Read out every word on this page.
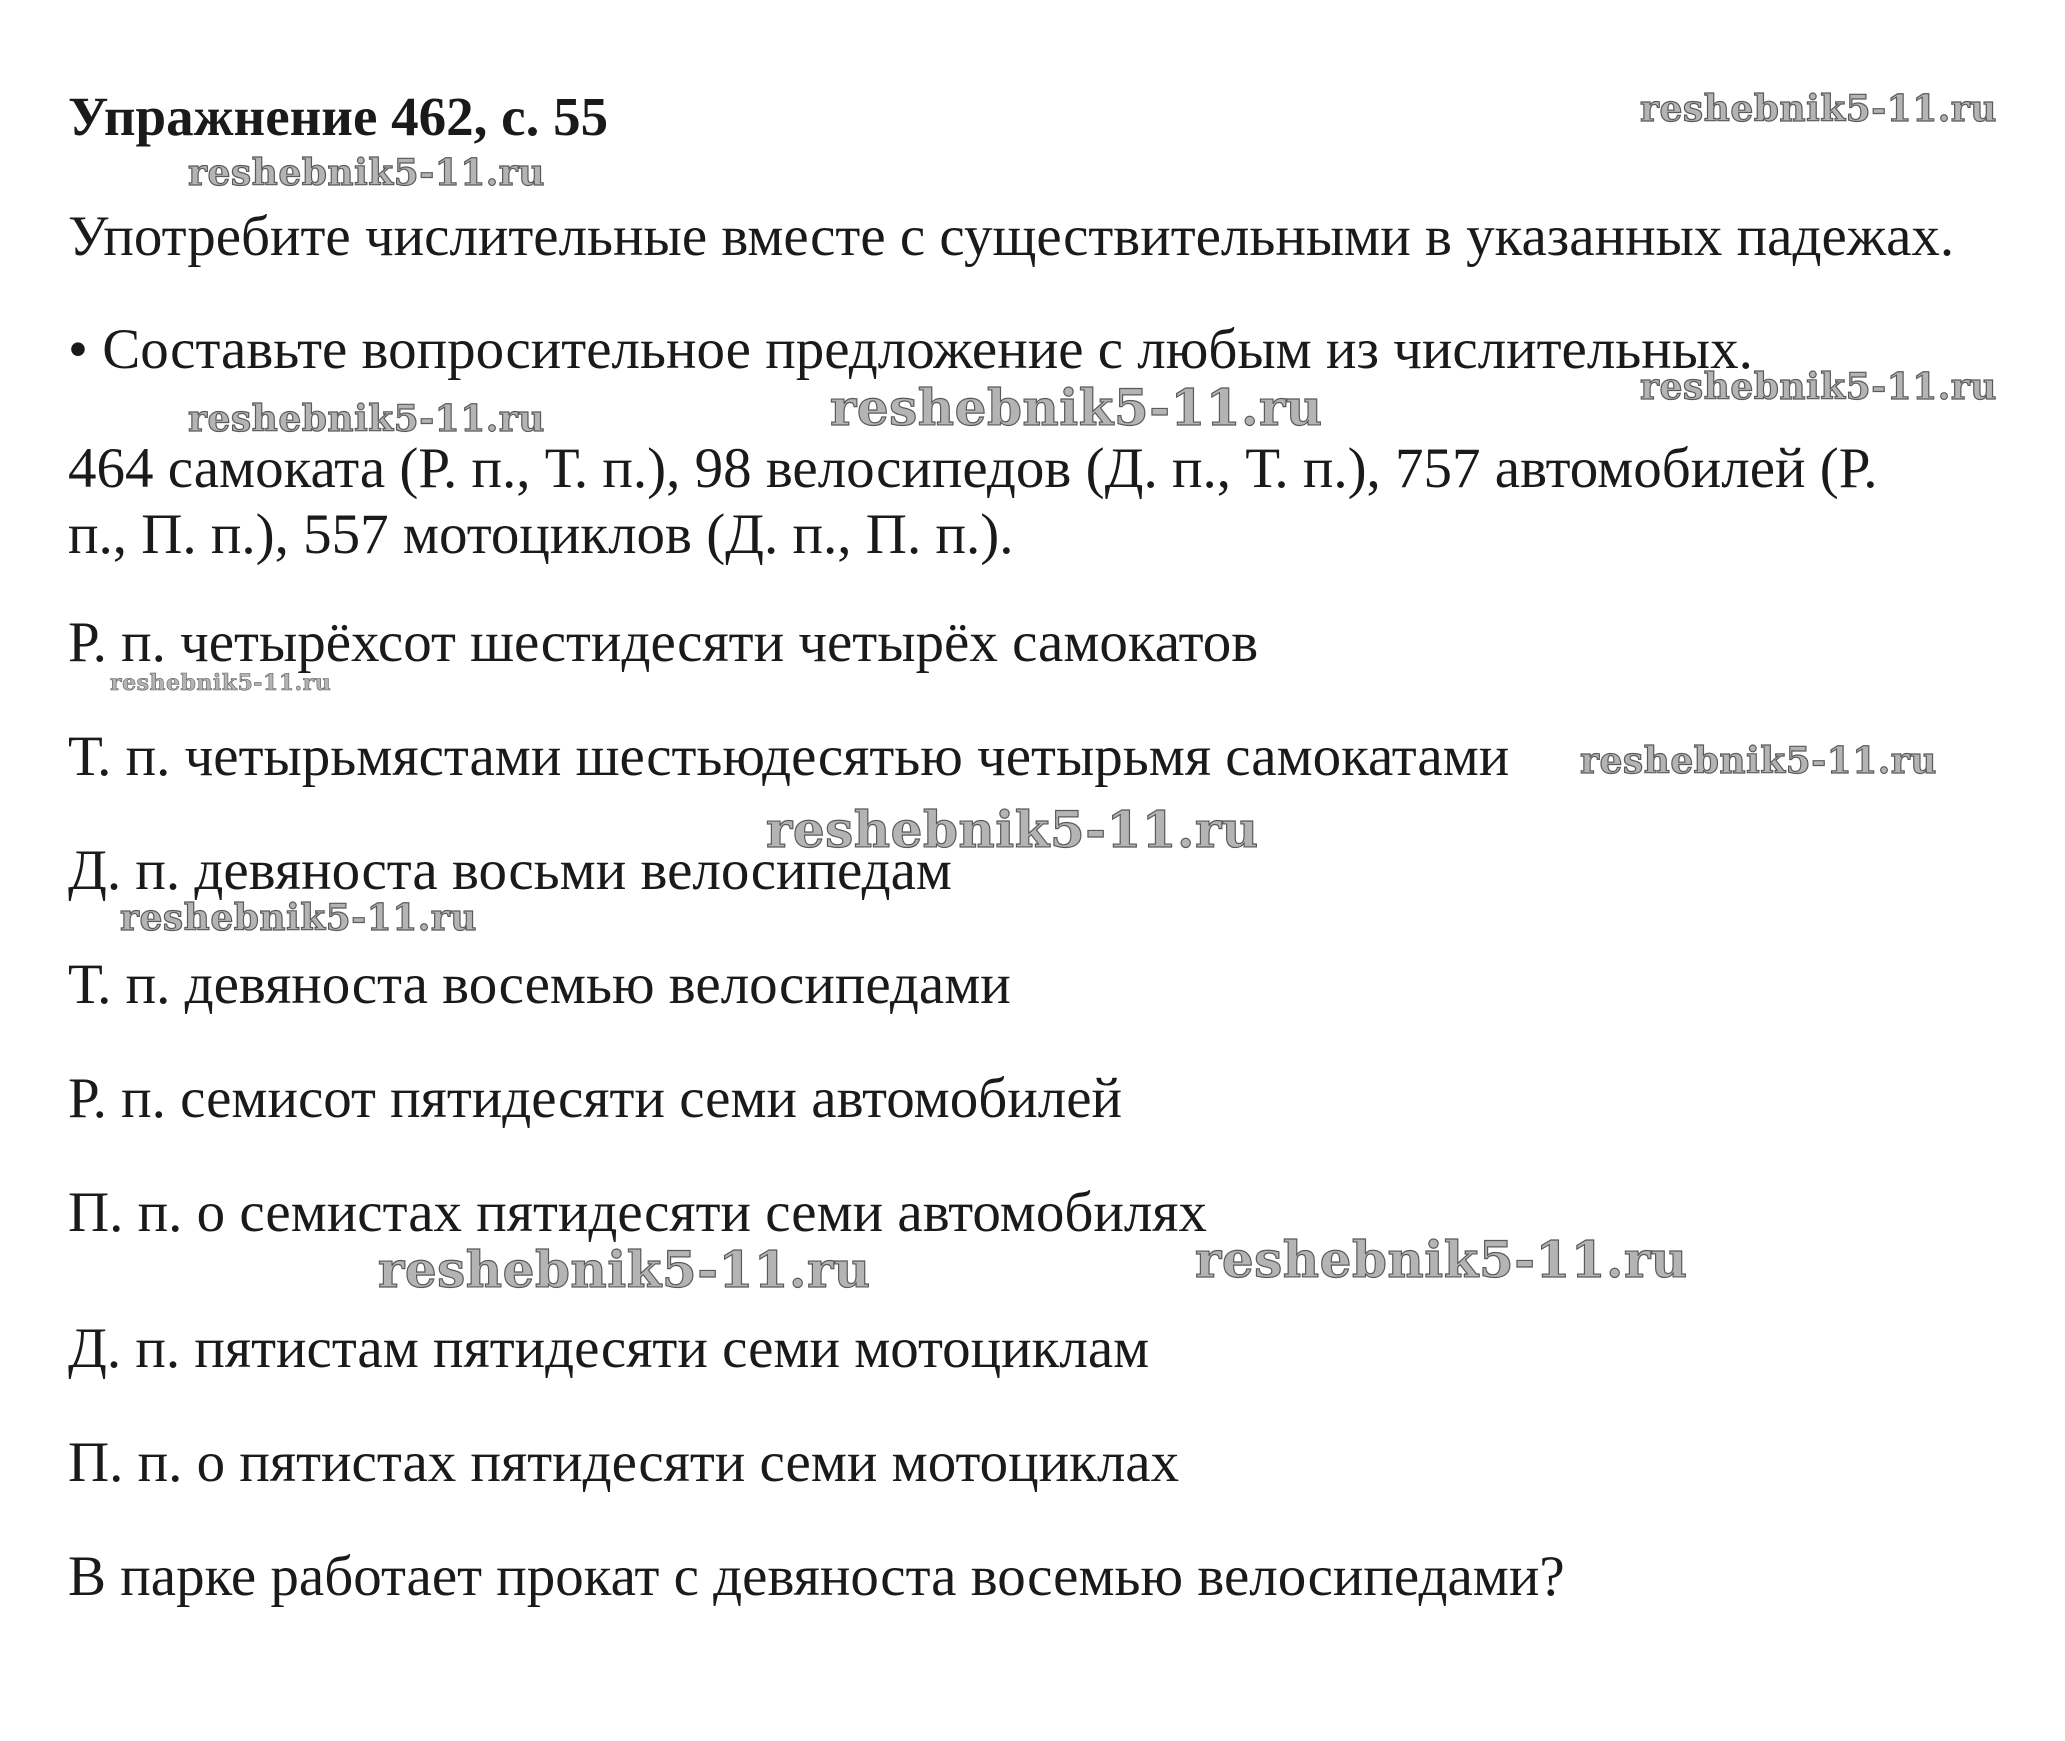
reshebnik5-11.ru
reshebnik5-11.ru
reshebnik5-11.ru
reshebnik5-11.ru
reshebnik5-11.ru
reshebnik5-11.ru
reshebnik5-11.ru
reshebnik5-11.ru
reshebnik5-11.ru
reshebnik5-11.ru	reshebnik5-11.ru
Упражнение 462, с. 55

Употребите числительные вместе с существительными в указанных падежах.

• Составьте вопросительное предложение с любым из числительных.

464 самоката (Р. п., Т. п.), 98 велосипедов (Д. п., Т. п.), 757 автомобилей (Р.

п., П. п.), 557 мотоциклов (Д. п., П. п.).

Р. п. четырёхсот шестидесяти четырёх самокатов

Т. п. четырьмястами шестьюдесятью четырьмя самокатами

Д. п. девяноста восьми велосипедам

Т. п. девяноста восемью велосипедами

Р. п. семисот пятидесяти семи автомобилей

П. п. о семистах пятидесяти семи автомобилях

Д. п. пятистам пятидесяти семи мотоциклам

П. п. о пятистах пятидесяти семи мотоциклах

В парке работает прокат с девяноста восемью велосипедами?
